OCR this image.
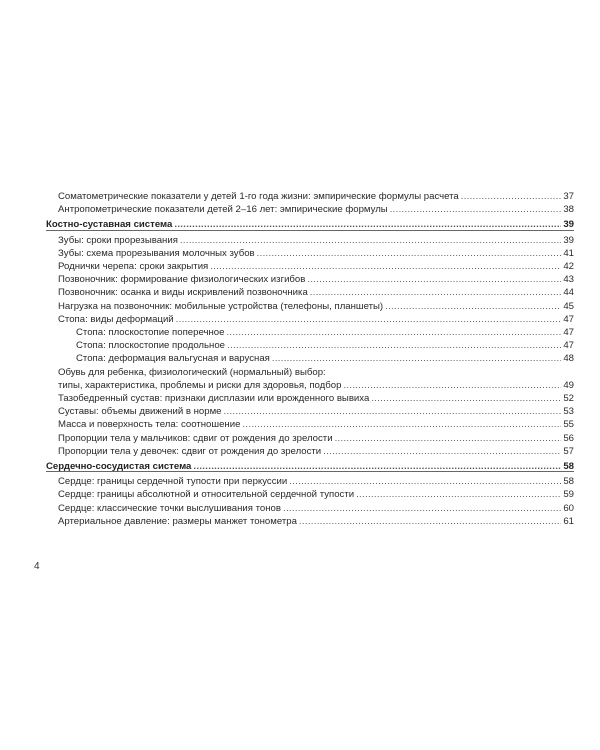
Соматометрические показатели у детей 1-го года жизни: эмпирические формулы расчета .....	37
Антропометрические показатели детей 2–16 лет: эмпирические формулы .....	38
Костно-суставная система .....	39
Зубы: сроки прорезывания .....	39
Зубы: схема прорезывания молочных зубов .....	41
Роднички черепа: сроки закрытия .....	42
Позвоночник: формирование физиологических изгибов .....	43
Позвоночник: осанка и виды искривлений позвоночника .....	44
Нагрузка на позвоночник: мобильные устройства (телефоны, планшеты) .....	45
Стопа: виды деформаций .....	47
Стопа: плоскостопие поперечное .....	47
Стопа: плоскостопие продольное .....	47
Стопа: деформация вальгусная и варусная .....	48
Обувь для ребенка, физиологический (нормальный) выбор:
типы, характеристика, проблемы и риски для здоровья, подбор .....	49
Тазобедренный сустав: признаки дисплазии или врожденного вывиха .....	52
Суставы: объемы движений в норме .....	53
Масса и поверхность тела: соотношение .....	55
Пропорции тела у мальчиков: сдвиг от рождения до зрелости .....	56
Пропорции тела у девочек: сдвиг от рождения до зрелости .....	57
Сердечно-сосудистая система .....	58
Сердце: границы сердечной тупости при перкуссии .....	58
Сердце: границы абсолютной и относительной сердечной тупости .....	59
Сердце: классические точки выслушивания тонов .....	60
Артериальное давление: размеры манжет тонометра .....	61
4
